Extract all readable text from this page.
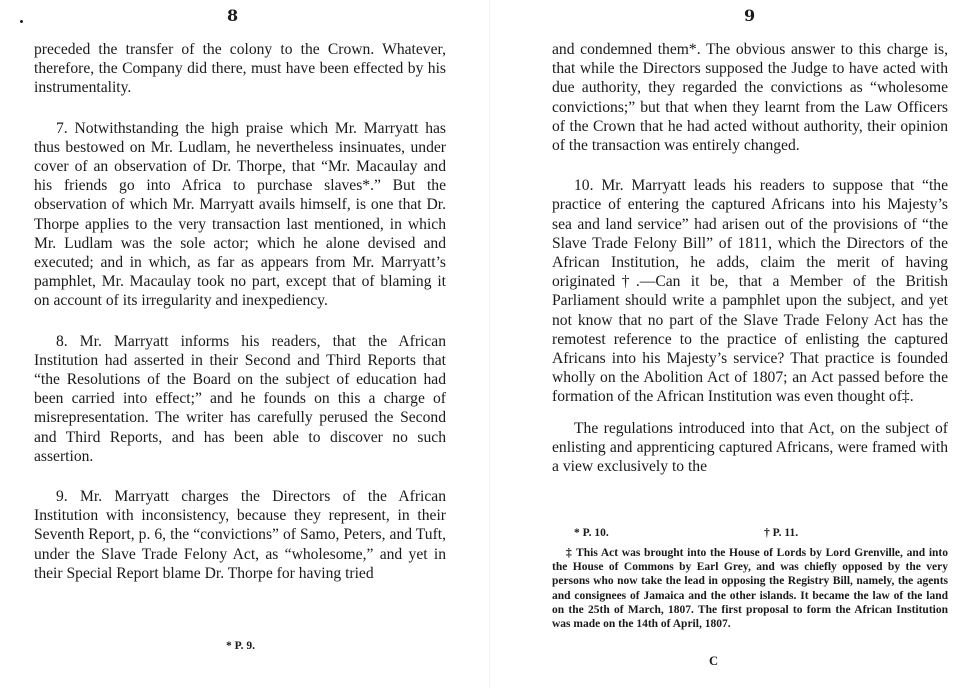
8

preceded the transfer of the colony to the Crown. Whatever, therefore, the Company did there, must have been effected by his instrumentality.

7. Notwithstanding the high praise which Mr. Marryatt has thus bestowed on Mr. Ludlam, he nevertheless insinuates, under cover of an observation of Dr. Thorpe, that “Mr. Macaulay and his friends go into Africa to purchase slaves*.” But the observation of which Mr. Marryatt avails himself, is one that Dr. Thorpe applies to the very transaction last mentioned, in which Mr. Ludlam was the sole actor; which he alone devised and executed; and in which, as far as appears from Mr. Marryatt’s pamphlet, Mr. Macaulay took no part, except that of blaming it on account of its irregularity and inexpediency.

8. Mr. Marryatt informs his readers, that the African Institution had asserted in their Second and Third Reports that “the Resolutions of the Board on the subject of education had been carried into effect;” and he founds on this a charge of misrepresentation. The writer has carefully perused the Second and Third Reports, and has been able to discover no such assertion.

9. Mr. Marryatt charges the Directors of the African Institution with inconsistency, because they represent, in their Seventh Report, p. 6, the “convictions” of Samo, Peters, and Tuft, under the Slave Trade Felony Act, as “wholesome,” and yet in their Special Report blame Dr. Thorpe for having tried

* P. 9.
9

and condemned them*. The obvious answer to this charge is, that while the Directors supposed the Judge to have acted with due authority, they regarded the convictions as “wholesome convictions;” but that when they learnt from the Law Officers of the Crown that he had acted without authority, their opinion of the transaction was entirely changed.

10. Mr. Marryatt leads his readers to suppose that “the practice of entering the captured Africans into his Majesty’s sea and land service” had arisen out of the provisions of “the Slave Trade Felony Bill” of 1811, which the Directors of the African Institution, he adds, claim the merit of having originated†.—Can it be, that a Member of the British Parliament should write a pamphlet upon the subject, and yet not know that no part of the Slave Trade Felony Act has the remotest reference to the practice of enlisting the captured Africans into his Majesty’s service? That practice is founded wholly on the Abolition Act of 1807; an Act passed before the formation of the African Institution was even thought of‡.

The regulations introduced into that Act, on the subject of enlisting and apprenticing captured Africans, were framed with a view exclusively to the

* P. 10.	† P. 11.
‡ This Act was brought into the House of Lords by Lord Grenville, and into the House of Commons by Earl Grey, and was chiefly opposed by the very persons who now take the lead in opposing the Registry Bill, namely, the agents and consignees of Jamaica and the other islands. It became the law of the land on the 25th of March, 1807. The first proposal to form the African Institution was made on the 14th of April, 1807.
C
